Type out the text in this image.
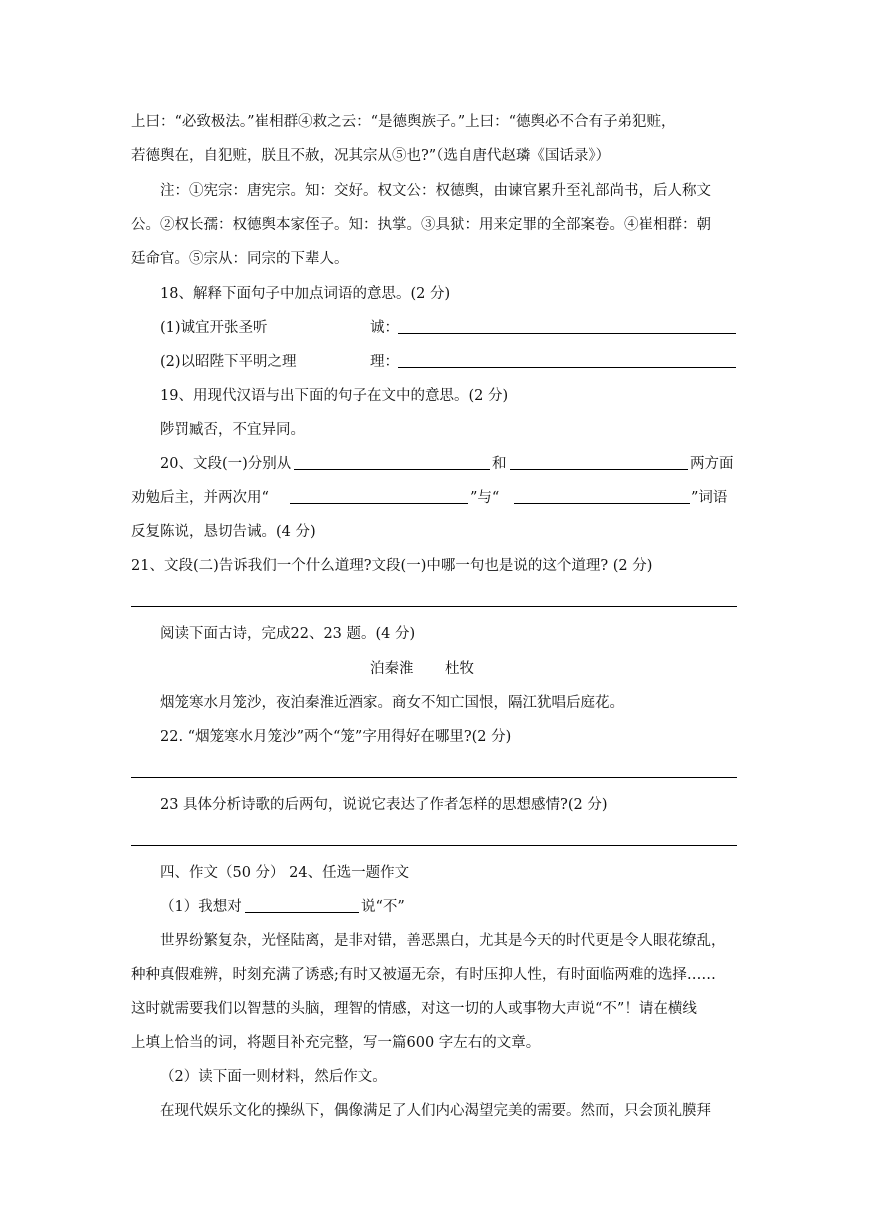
上曰：“必致极法。”崔相群④救之云：“是德舆族子。”上曰：“德舆必不合有子弟犯赃，
若德舆在，自犯赃，朕且不赦，况其宗从⑤也?”（选自唐代赵璘《国话录》）
注：①宪宗：唐宪宗。知：交好。权文公：权德舆，由谏官累升至礼部尚书，后人称文
公。②权长孺：权德舆本家侄子。知：执掌。③具狱：用来定罪的全部案卷。④崔相群：朝
廷命官。⑤宗从：同宗的下辈人。
18、解释下面句子中加点词语的意思。(2 分)
(1)诚宜开张圣听	诚：
(2)以昭陛下平明之理	理：
19、用现代汉语与出下面的句子在文中的意思。(2 分)
陟罚臧否，不宜异同。
20、文段(一)分别从	和	两方面
劝勉后主，并两次用“	”与“	”词语
反复陈说，恳切告诫。(4 分)
21、文段(二)告诉我们一个什么道理?文段(一)中哪一句也是说的这个道理? (2 分)
阅读下面古诗，完成22、23 题。(4 分)
泊秦淮 杜牧
烟笼寒水月笼沙，夜泊秦淮近酒家。商女不知亡国恨，隔江犹唱后庭花。
22. “烟笼寒水月笼沙”两个“笼”字用得好在哪里?(2 分)
23 具体分析诗歌的后两句，说说它表达了作者怎样的思想感情?(2 分)
四、作文（50 分） 24、任选一题作文
（1）我想对	说“不”
世界纷繁复杂，光怪陆离，是非对错，善恶黑白，尤其是今天的时代更是令人眼花缭乱，
种种真假难辨，时刻充满了诱惑;有时又被逼无奈，有时压抑人性，有时面临两难的选择……
这时就需要我们以智慧的头脑，理智的情感，对这一切的人或事物大声说“不”！请在横线
上填上恰当的词，将题目补充完整，写一篇600 字左右的文章。
（2）读下面一则材料，然后作文。
在现代娱乐文化的操纵下，偶像满足了人们内心渴望完美的需要。然而，只会顶礼膜拜
